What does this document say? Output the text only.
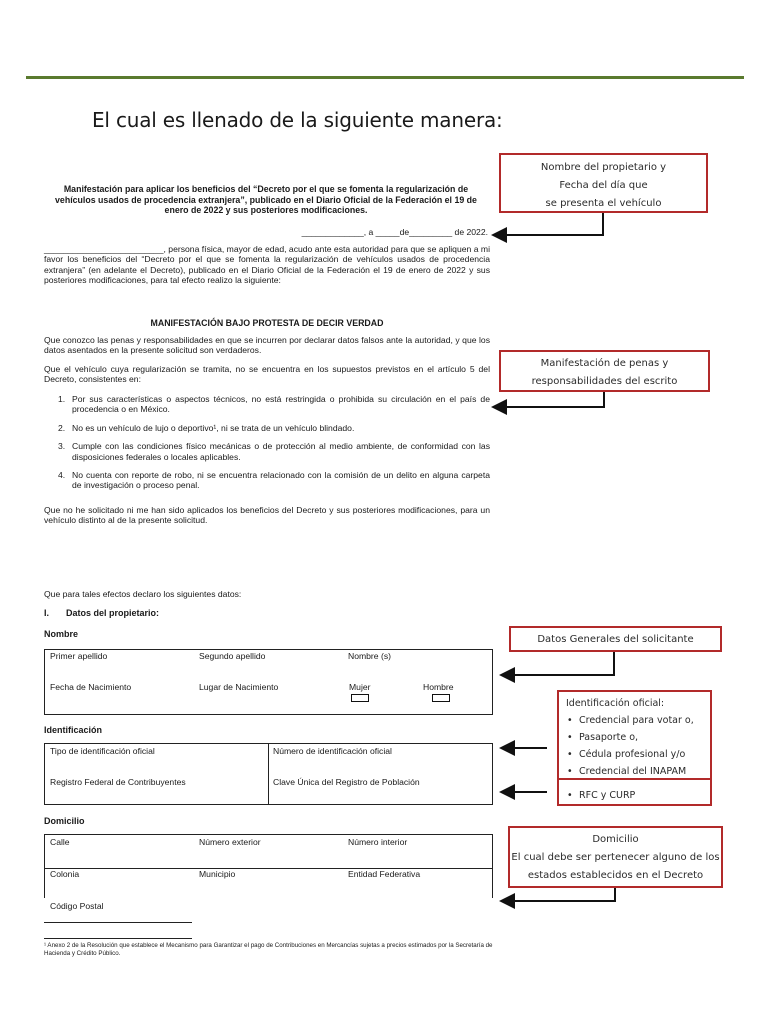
El cual es llenado de la siguiente manera:
Manifestación para aplicar los beneficios del “Decreto por el que se fomenta la regularización de vehículos usados de procedencia extranjera”, publicado en el Diario Oficial de la Federación el 19 de enero de 2022 y sus posteriores modificaciones.
_____________, a _____de_________ de 2022.
_________________________, persona física, mayor de edad, acudo ante esta autoridad para que se apliquen a mi favor los beneficios del “Decreto por el que se fomenta la regularización de vehículos usados de procedencia extranjera” (en adelante el Decreto), publicado en el Diario Oficial de la Federación el 19 de enero de 2022 y sus posteriores modificaciones, para tal efecto realizo la siguiente:
MANIFESTACIÓN BAJO PROTESTA DE DECIR VERDAD
Que conozco las penas y responsabilidades en que se incurren por declarar datos falsos ante la autoridad, y que los datos asentados en la presente solicitud son verdaderos.
Que el vehículo cuya regularización se tramita, no se encuentra en los supuestos previstos en el artículo 5 del Decreto, consistentes en:
1. Por sus características o aspectos técnicos, no está restringida o prohibida su circulación en el país de procedencia o en México.
2. No es un vehículo de lujo o deportivo¹, ni se trata de un vehículo blindado.
3. Cumple con las condiciones físico mecánicas o de protección al medio ambiente, de conformidad con las disposiciones federales o locales aplicables.
4. No cuenta con reporte de robo, ni se encuentra relacionado con la comisión de un delito en alguna carpeta de investigación o proceso penal.
Que no he solicitado ni me han sido aplicados los beneficios del Decreto y sus posteriores modificaciones, para un vehículo distinto al de la presente solicitud.
Que para tales efectos declaro los siguientes datos:
I. Datos del propietario:
Nombre
Primer apellido	Segundo apellido	Nombre (s)
Fecha de Nacimiento	Lugar de Nacimiento	Mujer	Hombre
Identificación
Tipo de identificación oficial	Número de identificación oficial
Registro Federal de Contribuyentes	Clave Única del Registro de Población
Domicilio
Calle	Número exterior	Número interior
Colonia	Municipio	Entidad Federativa
Código Postal
¹ Anexo 2 de la Resolución que establece el Mecanismo para Garantizar el pago de Contribuciones en Mercancías sujetas a precios estimados por la Secretaría de Hacienda y Crédito Público.
Nombre del propietario y
Fecha del día que
se presenta el vehículo
Manifestación de penas y
responsabilidades del escrito
Datos Generales del solicitante
Identificación oficial:
• Credencial para votar o,
• Pasaporte o,
• Cédula profesional y/o
• Credencial del INAPAM
• RFC y CURP
Domicilio
El cual debe ser pertenecer alguno de los
estados establecidos en el Decreto
